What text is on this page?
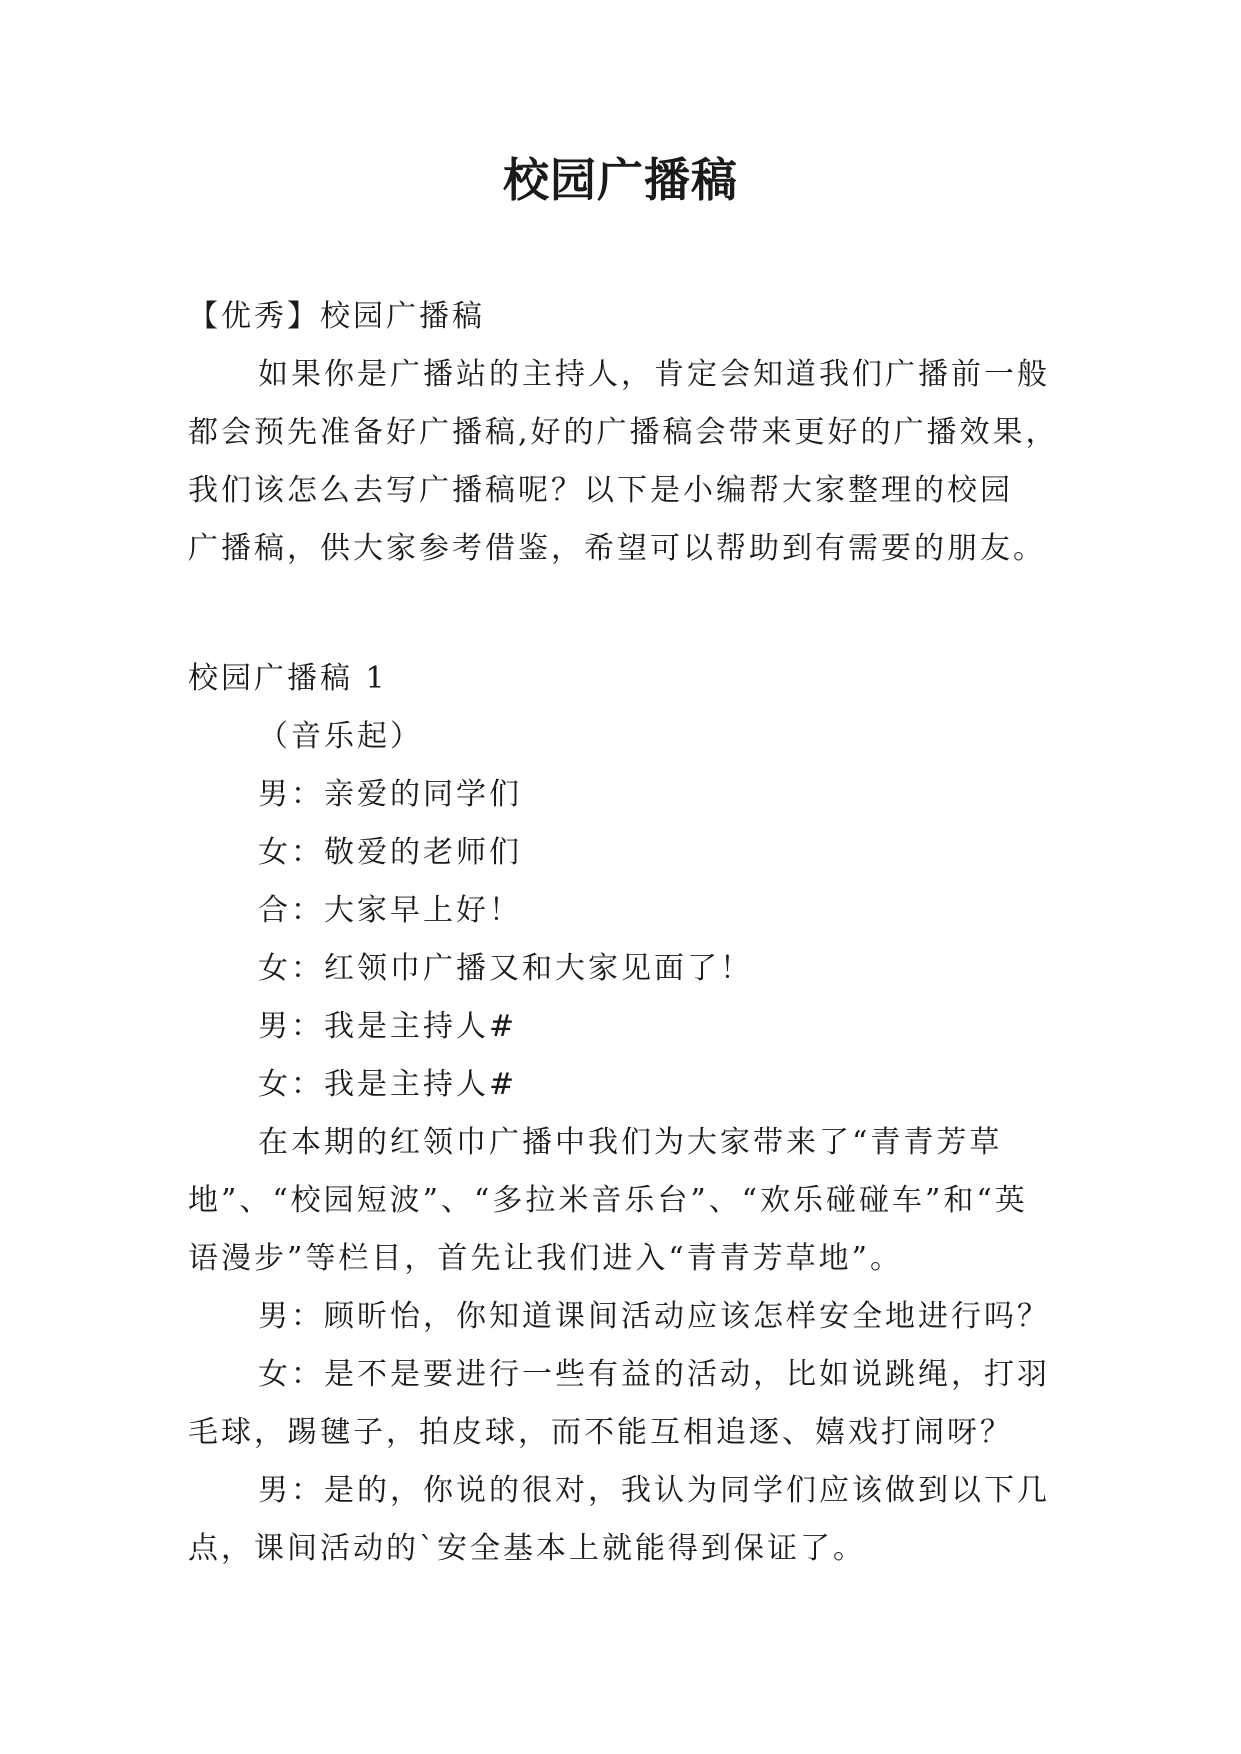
校园广播稿
【优秀】校园广播稿
如果你是广播站的主持人，肯定会知道我们广播前一般
都会预先准备好广播稿,好的广播稿会带来更好的广播效果，
我们该怎么去写广播稿呢？以下是小编帮大家整理的校园
广播稿，供大家参考借鉴，希望可以帮助到有需要的朋友。
校园广播稿 1
（音乐起）
男：亲爱的同学们
女：敬爱的老师们
合：大家早上好！
女：红领巾广播又和大家见面了！
男：我是主持人#
女：我是主持人#
在本期的红领巾广播中我们为大家带来了“青青芳草
地”、“校园短波”、“多拉米音乐台”、“欢乐碰碰车”和“英
语漫步”等栏目，首先让我们进入“青青芳草地”。
男：顾昕怡，你知道课间活动应该怎样安全地进行吗？
女：是不是要进行一些有益的活动，比如说跳绳，打羽
毛球，踢毽子，拍皮球，而不能互相追逐、嬉戏打闹呀？
男：是的，你说的很对，我认为同学们应该做到以下几
点，课间活动的`安全基本上就能得到保证了。
